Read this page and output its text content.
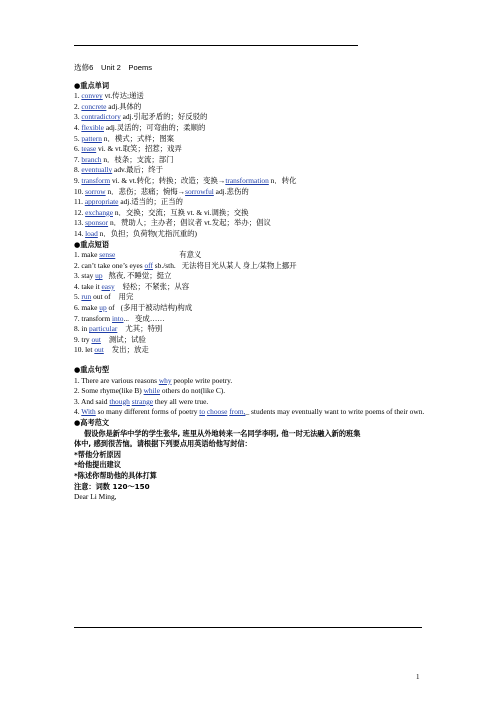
选修6　Unit 2　Poems
●重点单词
1. convey vt.传达;递送
2. concrete adj.具体的
3. contradictory adj.引起矛盾的；好反驳的
4. flexible adj.灵活的；可弯曲的；柔顺的
5. pattern n．模式；式样；图案
6. tease vi. & vt.取笑；招惹；戏弄
7. branch n．枝条；支流；部门
8. eventually adv.最后；终于
9. transform vi. & vt.转化；转换；改造；变换→transformation n．转化
10. sorrow n．悲伤；悲痛；惋悔→sorrowful adj.悲伤的
11. appropriate adj.适当的；正当的
12. exchange n．交换；交流；互换 vt. & vi.调换；交换
13. sponsor n．赞助人；主办者；倡议者 vt.发起；举办；倡议
14. load n．负担；负荷物(尤指沉重的)
●重点短语
1. make sense	有意义
2. can’t take one’s eyes off sb./sth. 无法将目光从某人 身上/某物上挪开
3. stay up 熬夜, 不睡觉；挺立
4. take it easy 轻松；不紧张；从容
5. run out of 用完
6. make up of (多用于被动结构)构成
7. transform into... 变成……
8. in particular 尤其；特别
9. try out 测试；试验
10. let out 发出；放走
●重点句型
1. There are various reasons why people write poetry.
2. Some rhyme(like B) while others do not(like C).
3. And said though strange they all were true.
4. With so many different forms of poetry to choose from,_ students may eventually want to write poems of their own.
●高考范文
假设你是新华中学的学生张华, 班里从外地转来一名同学李明, 他一时无法融入新的班集
体中, 感到很苦恼。请根据下列要点用英语给他写封信：
*帮他分析原因
*给他提出建议
*陈述你帮助他的具体打算
注意：词数 120～150
Dear Li Ming,
1
